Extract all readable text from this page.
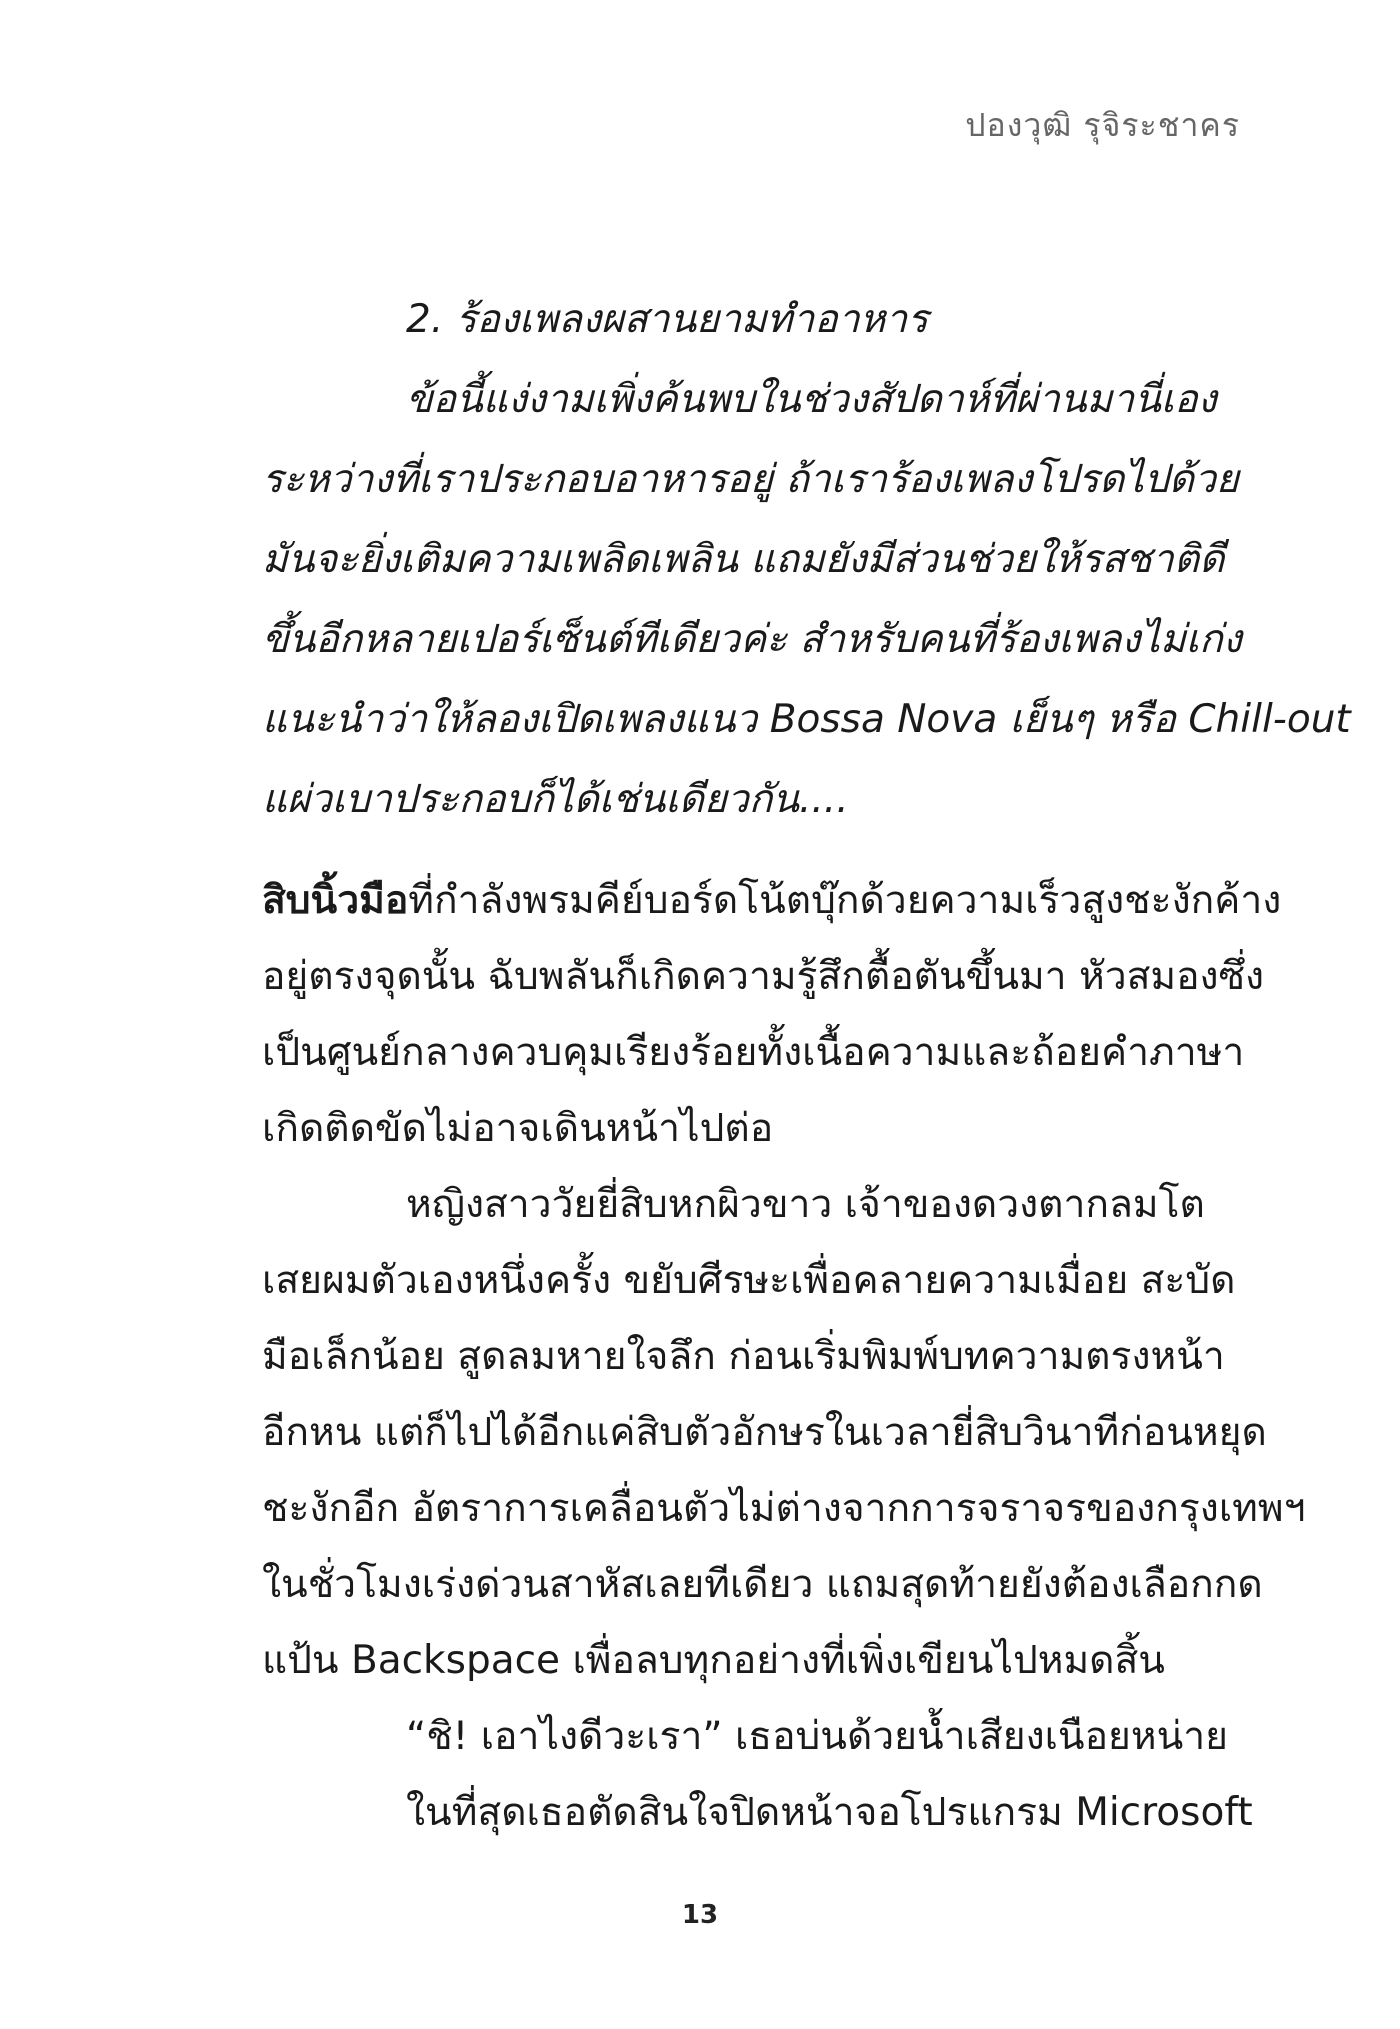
ปองวุฒิ รุจิระชาคร
2. ร้องเพลงผสานยามทำอาหาร
ข้อนี้แง่งามเพิ่งค้นพบในช่วงสัปดาห์ที่ผ่านมานี่เอง
ระหว่างที่เราประกอบอาหารอยู่ ถ้าเราร้องเพลงโปรดไปด้วย
มันจะยิ่งเติมความเพลิดเพลิน แถมยังมีส่วนช่วยให้รสชาติดี
ขึ้นอีกหลายเปอร์เซ็นต์ทีเดียวค่ะ สำหรับคนที่ร้องเพลงไม่เก่ง
แนะนำว่าให้ลองเปิดเพลงแนว Bossa Nova เย็นๆ หรือ Chill-out
แผ่วเบาประกอบก็ได้เช่นเดียวกัน....
สิบนิ้วมือที่กำลังพรมคีย์บอร์ดโน้ตบุ๊กด้วยความเร็วสูงชะงักค้าง
อยู่ตรงจุดนั้น ฉับพลันก็เกิดความรู้สึกตื้อตันขึ้นมา หัวสมองซึ่ง
เป็นศูนย์กลางควบคุมเรียงร้อยทั้งเนื้อความและถ้อยคำภาษา
เกิดติดขัดไม่อาจเดินหน้าไปต่อ
หญิงสาววัยยี่สิบหกผิวขาว เจ้าของดวงตากลมโต
เสยผมตัวเองหนึ่งครั้ง ขยับศีรษะเพื่อคลายความเมื่อย สะบัด
มือเล็กน้อย สูดลมหายใจลึก ก่อนเริ่มพิมพ์บทความตรงหน้า
อีกหน แต่ก็ไปได้อีกแค่สิบตัวอักษรในเวลายี่สิบวินาทีก่อนหยุด
ชะงักอีก อัตราการเคลื่อนตัวไม่ต่างจากการจราจรของกรุงเทพฯ
ในชั่วโมงเร่งด่วนสาหัสเลยทีเดียว แถมสุดท้ายยังต้องเลือกกด
แป้น Backspace เพื่อลบทุกอย่างที่เพิ่งเขียนไปหมดสิ้น
“ชิ! เอาไงดีวะเรา” เธอบ่นด้วยน้ำเสียงเนือยหน่าย
ในที่สุดเธอตัดสินใจปิดหน้าจอโปรแกรม Microsoft
13
